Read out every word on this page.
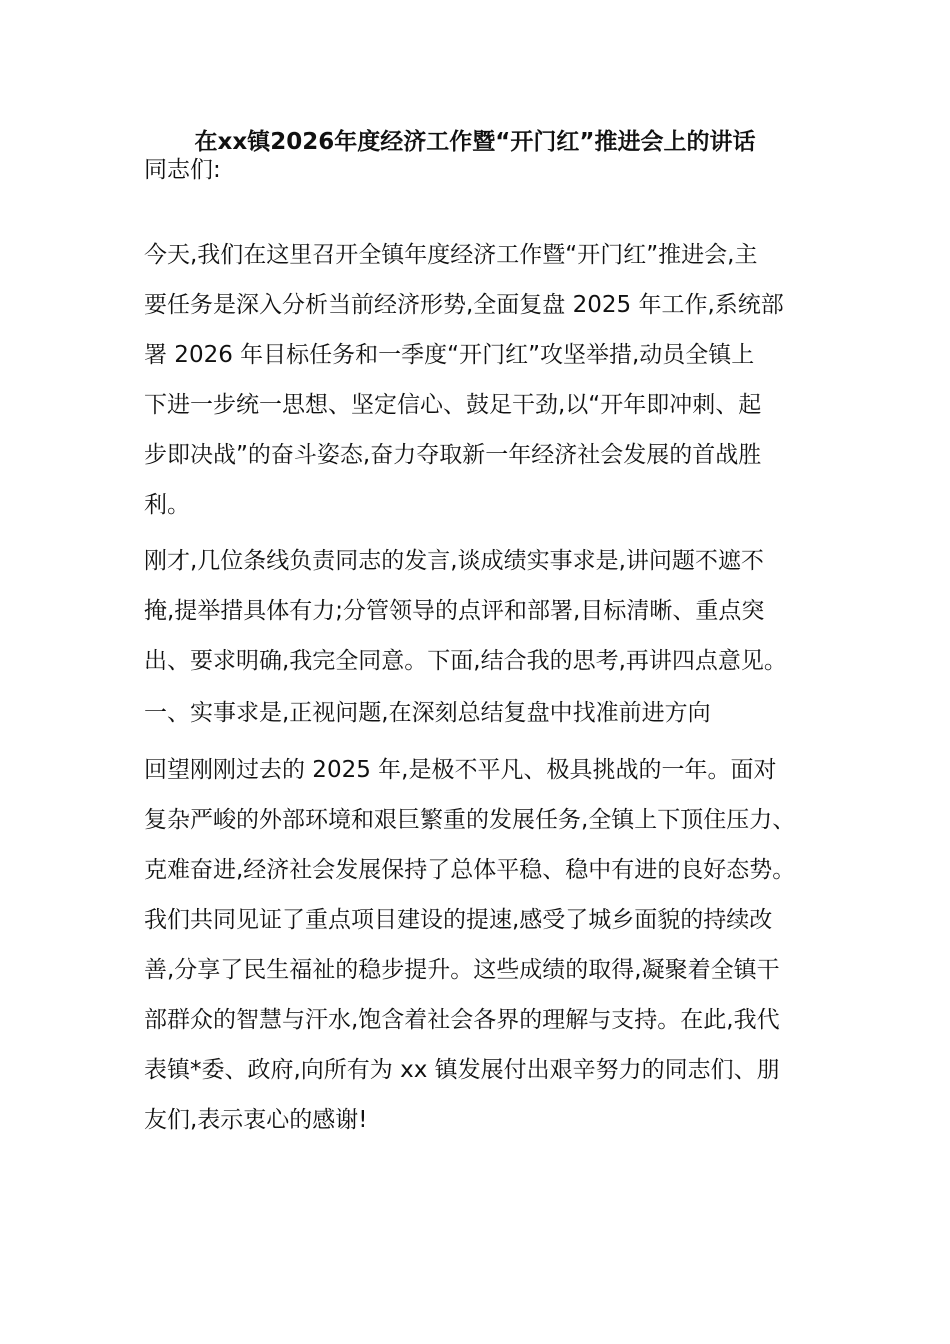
在xx镇2026年度经济工作暨“开门红”推进会上的讲话
同志们:
今天,我们在这里召开全镇年度经济工作暨“开门红”推进会,主
要任务是深入分析当前经济形势,全面复盘 2025 年工作,系统部
署 2026 年目标任务和一季度“开门红”攻坚举措,动员全镇上
下进一步统一思想、坚定信心、鼓足干劲,以“开年即冲刺、起
步即决战”的奋斗姿态,奋力夺取新一年经济社会发展的首战胜
利。
刚才,几位条线负责同志的发言,谈成绩实事求是,讲问题不遮不
掩,提举措具体有力;分管领导的点评和部署,目标清晰、重点突
出、要求明确,我完全同意。下面,结合我的思考,再讲四点意见。
一、实事求是,正视问题,在深刻总结复盘中找准前进方向
回望刚刚过去的 2025 年,是极不平凡、极具挑战的一年。面对
复杂严峻的外部环境和艰巨繁重的发展任务,全镇上下顶住压力、
克难奋进,经济社会发展保持了总体平稳、稳中有进的良好态势。
我们共同见证了重点项目建设的提速,感受了城乡面貌的持续改
善,分享了民生福祉的稳步提升。这些成绩的取得,凝聚着全镇干
部群众的智慧与汗水,饱含着社会各界的理解与支持。在此,我代
表镇*委、政府,向所有为 xx 镇发展付出艰辛努力的同志们、朋
友们,表示衷心的感谢!
